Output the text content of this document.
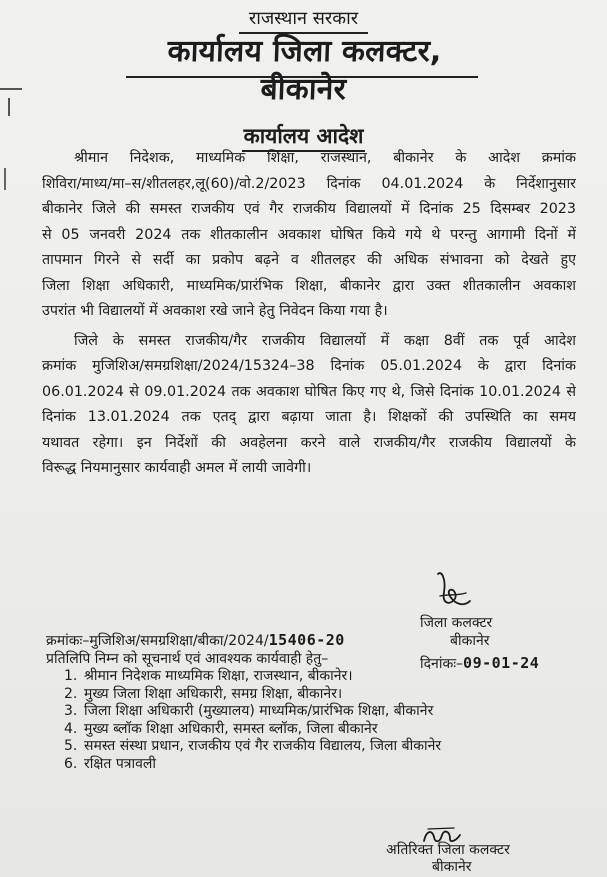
राजस्थान सरकार
कार्यालय जिला कलक्टर, बीकानेर
कार्यालय आदेश
श्रीमान निदेशक, माध्यमिक शिक्षा, राजस्थान, बीकानेर के आदेश क्रमांक
शिविरा/माध्य/मा–स/शीतलहर,लू(60)/वो.2/2023 दिनांक 04.01.2024 के निर्देशानुसार
बीकानेर जिले की समस्त राजकीय एवं गैर राजकीय विद्यालयों में दिनांक 25 दिसम्बर 2023
से 05 जनवरी 2024 तक शीतकालीन अवकाश घोषित किये गये थे परन्तु आगामी दिनों में
तापमान गिरने से सर्दी का प्रकोप बढ़ने व शीतलहर की अधिक संभावना को देखते हुए
जिला शिक्षा अधिकारी, माध्यमिक/प्रारंभिक शिक्षा, बीकानेर द्वारा उक्त शीतकालीन अवकाश
उपरांत भी विद्यालयों में अवकाश रखे जाने हेतु निवेदन किया गया है।
जिले के समस्त राजकीय/गैर राजकीय विद्यालयों में कक्षा 8वीं तक पूर्व आदेश
क्रमांक मुजिशिअ/समग्रशिक्षा/2024/15324–38 दिनांक 05.01.2024 के द्वारा दिनांक
06.01.2024 से 09.01.2024 तक अवकाश घोषित किए गए थे, जिसे दिनांक 10.01.2024 से
दिनांक 13.01.2024 तक एतद् द्वारा बढ़ाया जाता है। शिक्षकों की उपस्थिति का समय
यथावत रहेगा। इन निर्देशों की अवहेलना करने वाले राजकीय/गैर राजकीय विद्यालयों के
विरूद्ध नियमानुसार कार्यवाही अमल में लायी जावेगी।
जिला कलक्टर
बीकानेर
दिनांकः–09-01-24
क्रमांकः–मुजिशिअ/समग्रशिक्षा/बीका/2024/15406-20
प्रतिलिपि निम्न को सूचनार्थ एवं आवश्यक कार्यवाही हेतु–
1. श्रीमान निदेशक माध्यमिक शिक्षा, राजस्थान, बीकानेर।
2. मुख्य जिला शिक्षा अधिकारी, समग्र शिक्षा, बीकानेर।
3. जिला शिक्षा अधिकारी (मुख्यालय) माध्यमिक/प्रारंभिक शिक्षा, बीकानेर
4. मुख्य ब्लॉक शिक्षा अधिकारी, समस्त ब्लॉक, जिला बीकानेर
5. समस्त संस्था प्रधान, राजकीय एवं गैर राजकीय विद्यालय, जिला बीकानेर
6. रक्षित पत्रावली
अतिरिक्त जिला कलक्टर
बीकानेर
